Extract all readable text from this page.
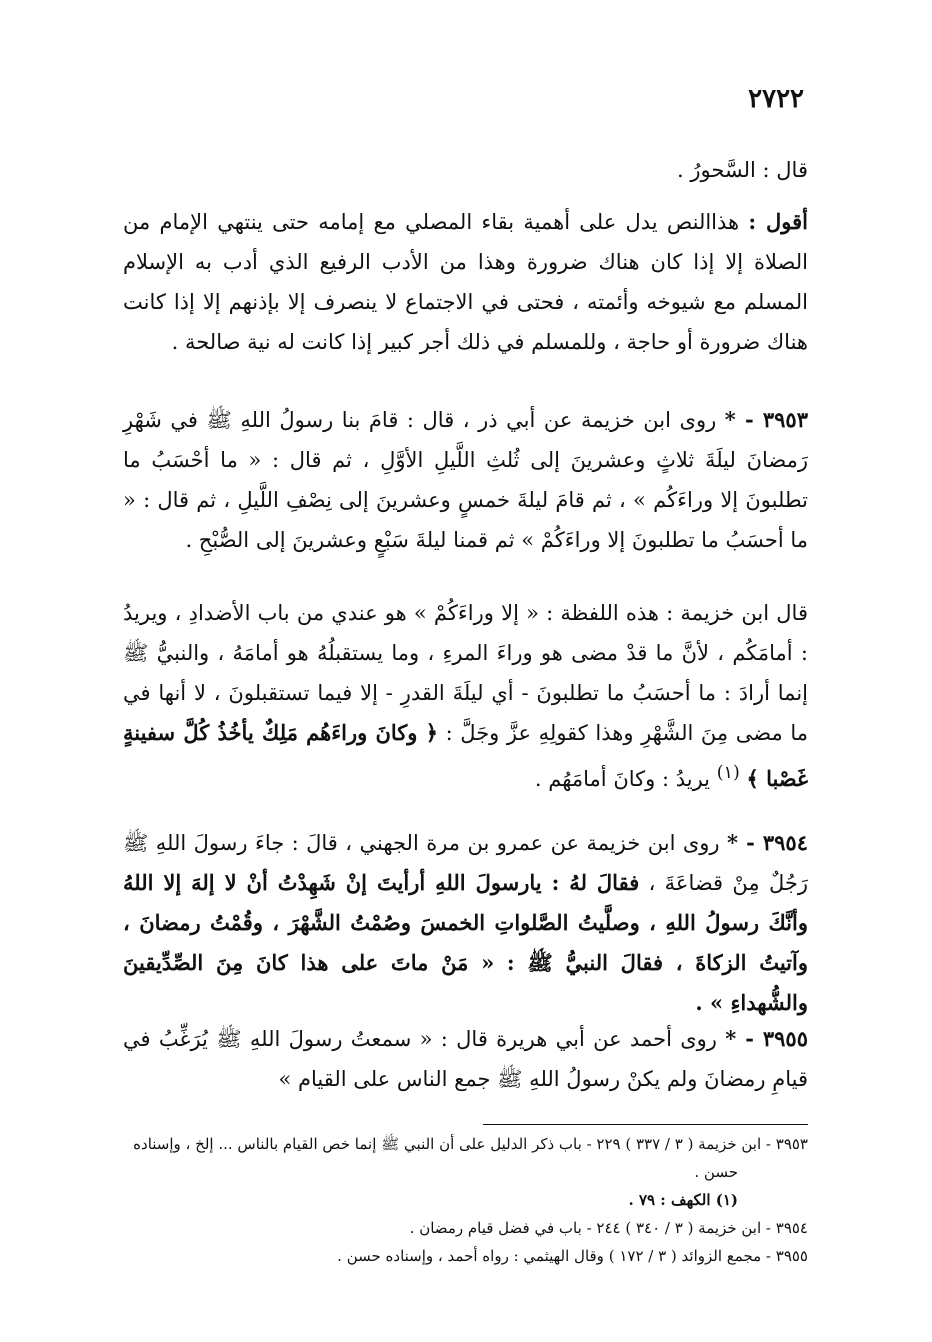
٢٧٢٢

قال : السَّحورُ .

أقول : هذاالنص يدل على أهمية بقاء المصلي مع إمامه حتى ينتهي الإمام من الصلاة إلا إذا كان هناك ضرورة وهذا من الأدب الرفيع الذي أدب به الإسلام المسلم مع شيوخه وأئمته ، فحتى في الاجتماع لا ينصرف إلا بإذنهم إلا إذا كانت هناك ضرورة أو حاجة ، وللمسلم في ذلك أجر كبير إذا كانت له نية صالحة .

٣٩٥٣ - * روى ابن خزيمة عن أبي ذر ، قال : قامَ بنا رسولُ اللهِ ﷺ في شَهْرِ رَمضانَ ليلَةَ ثلاثٍ وعشرينَ إلى ثُلثِ اللَّيلِ الأوَّلِ ، ثم قال : « ما أحْسَبُ ما تطلبونَ إلا وراءَكُم » ، ثم قامَ ليلةَ خمسٍ وعشرينَ إلى نِصْفِ اللَّيلِ ، ثم قال : « ما أحسَبُ ما تطلبونَ إلا وراءَكُمْ » ثم قمنا ليلةَ سَبْعٍ وعشرينَ إلى الصُّبْحِ .

قال ابن خزيمة : هذه اللفظة : « إلا وراءَكُمْ » هو عندي من باب الأضدادِ ، ويريدُ : أمامَكُم ، لأنَّ ما قدْ مضى هو وراءَ المرءِ ، وما يستقبلُهُ هو أمامَهُ ، والنبيُّ ﷺ إنما أرادَ : ما أحسَبُ ما تطلبونَ - أي ليلَةَ القدرِ - إلا فيما تستقبلونَ ، لا أنها في ما مضى مِنَ الشَّهْرِ وهذا كقولِهِ عزَّ وجَلَّ : ﴿ وكانَ وراءَهُم مَلِكٌ يأخُذُ كُلَّ سفينةٍ غَصْبا ﴾ $^{(١)}$ يريدُ : وكانَ أمامَهُم .

٣٩٥٤ - * روى ابن خزيمة عن عمرو بن مرة الجهني ، قالَ : جاءَ رسولَ اللهِ ﷺ رَجُلٌ مِنْ قضاعَةَ ، فقالَ لهُ : يارسولَ اللهِ أرأيتَ إنْ شَهِدْتُ أنْ لا إلهَ إلا اللهُ وأنَّكَ رسولُ اللهِ ، وصلَّيتُ الصَّلواتِ الخمسَ وصُمْتُ الشَّهْرَ ، وقُمْتُ رمضانَ ، وآتيتُ الزكاةَ ، فقالَ النبيُّ ﷺ : « مَنْ ماتَ على هذا كانَ مِنَ الصِّدِّيقينَ والشُّهداءِ » .

٣٩٥٥ - * روى أحمد عن أبي هريرة قال : « سمعتُ رسولَ اللهِ ﷺ يُرَغِّبُ في قيامِ رمضانَ ولم يكنْ رسولُ اللهِ ﷺ جمع الناس على القيام »

٣٩٥٣ - ابن خزيمة ( ٣ / ٣٣٧ ) ٢٢٩ - باب ذكر الدليل على أن النبي ﷺ إنما خص القيام بالناس ... إلخ ، وإسناده

حسن .

(١) الكهف : ٧٩ .

٣٩٥٤ - ابن خزيمة ( ٣ / ٣٤٠ ) ٢٤٤ - باب في فضل قيام رمضان .

٣٩٥٥ - مجمع الزوائد ( ٣ / ١٧٢ ) وقال الهيثمي : رواه أحمد ، وإسناده حسن .
